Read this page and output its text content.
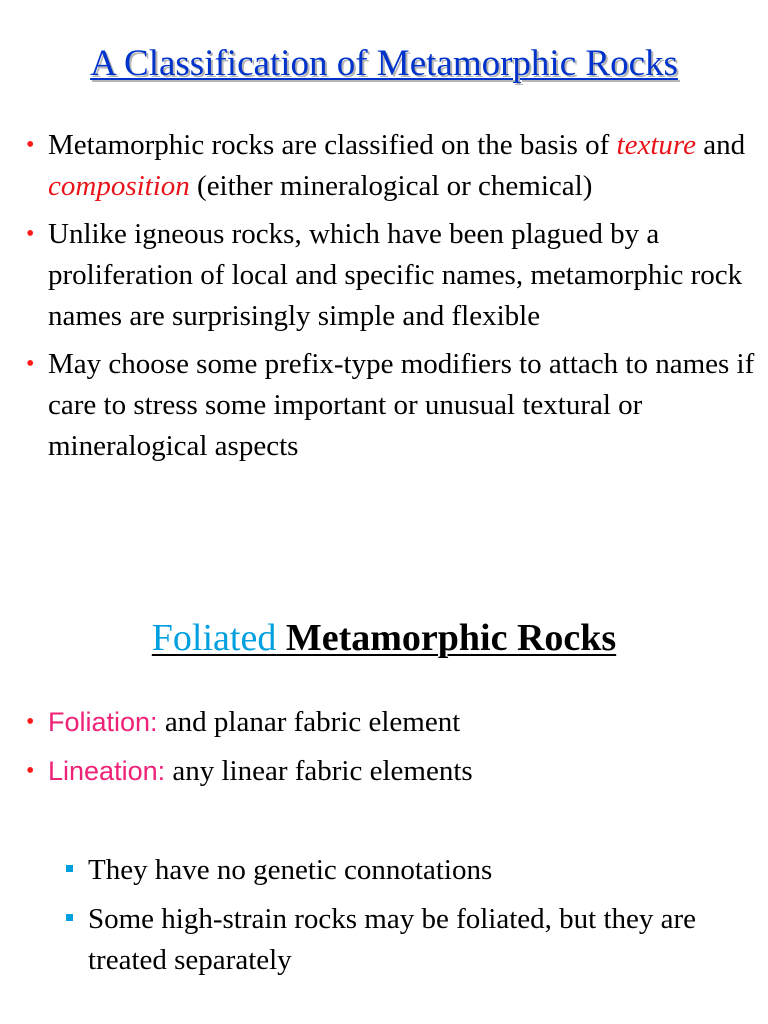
A Classification of Metamorphic Rocks
• Metamorphic rocks are classified on the basis of texture and composition (either mineralogical or chemical)
• Unlike igneous rocks, which have been plagued by a proliferation of local and specific names, metamorphic rock names are surprisingly simple and flexible
• May choose some prefix-type modifiers to attach to names if care to stress some important or unusual textural or mineralogical aspects
Foliated Metamorphic Rocks
• Foliation: and planar fabric element
• Lineation: any linear fabric elements
They have no genetic connotations
Some high-strain rocks may be foliated, but they are treated separately
